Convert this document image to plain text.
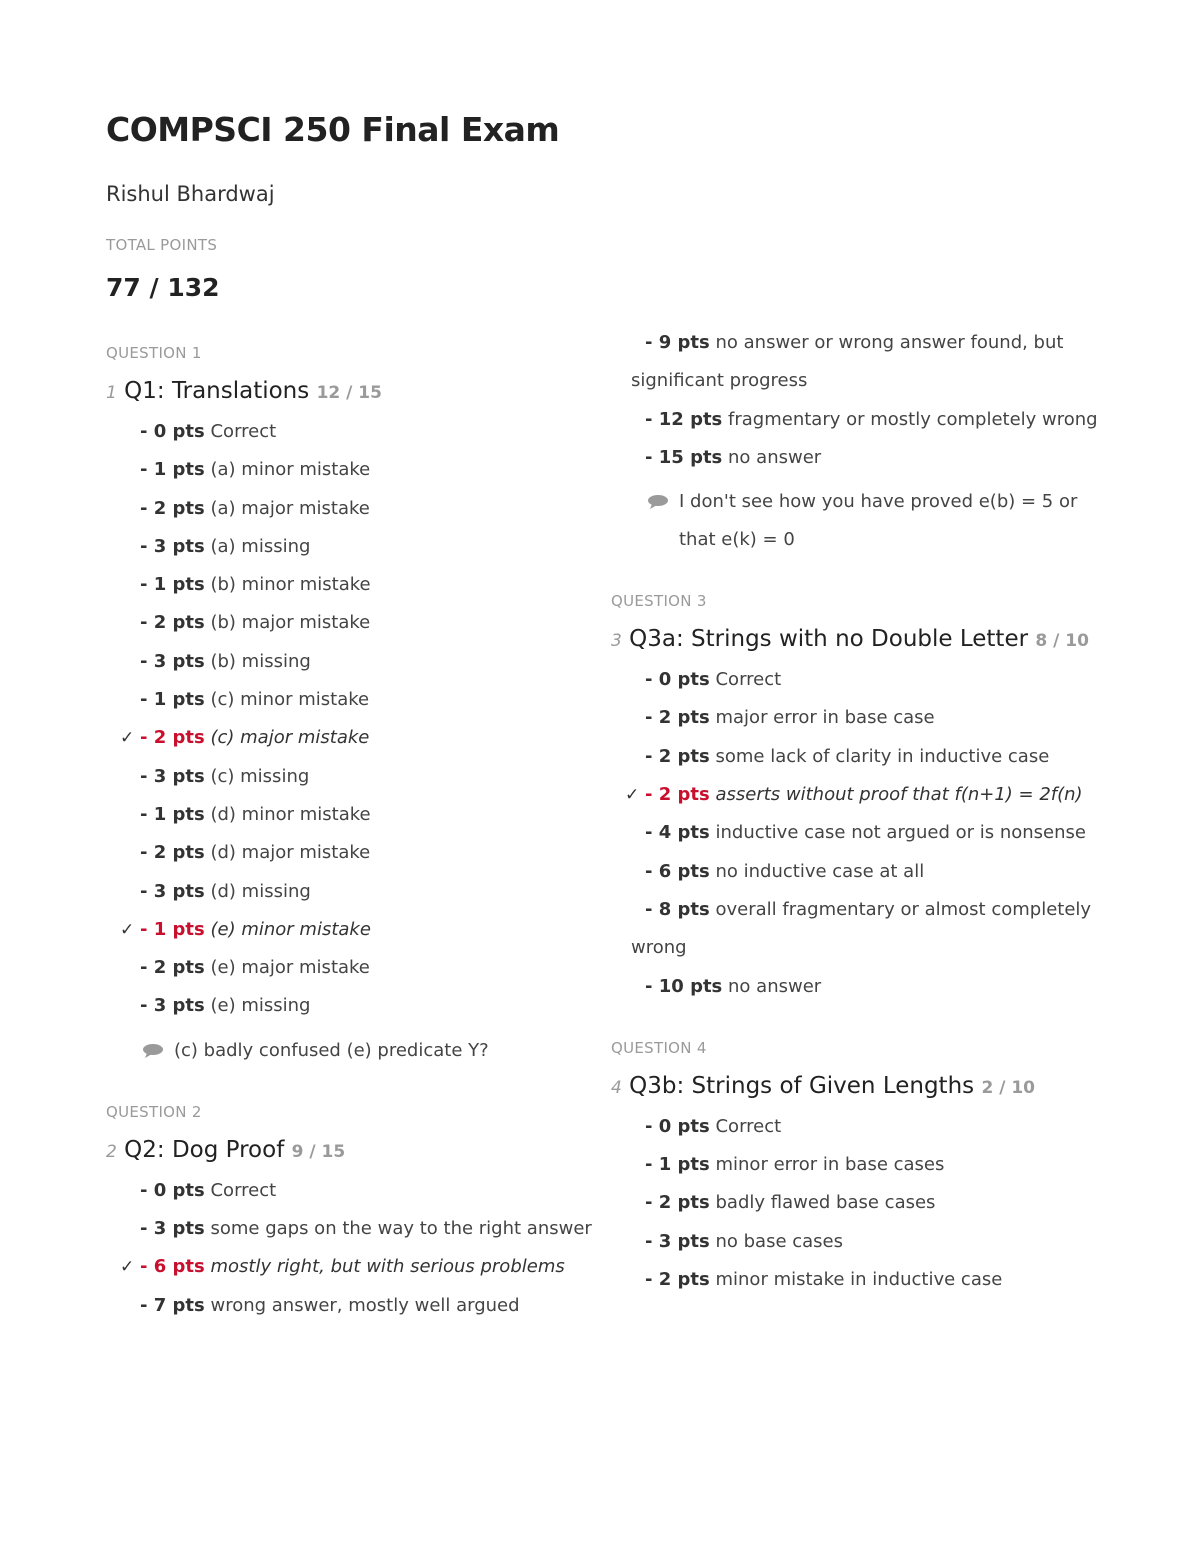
COMPSCI 250 Final Exam
Rishul Bhardwaj
TOTAL POINTS
77 / 132
QUESTION 1
1 Q1: Translations 12 / 15
- 0 pts Correct
- 1 pts (a) minor mistake
- 2 pts (a) major mistake
- 3 pts (a) missing
- 1 pts (b) minor mistake
- 2 pts (b) major mistake
- 3 pts (b) missing
- 1 pts (c) minor mistake
✓ - 2 pts (c) major mistake
- 3 pts (c) missing
- 1 pts (d) minor mistake
- 2 pts (d) major mistake
- 3 pts (d) missing
✓ - 1 pts (e) minor mistake
- 2 pts (e) major mistake
- 3 pts (e) missing
(c) badly confused (e) predicate Y?
QUESTION 2
2 Q2: Dog Proof 9 / 15
- 0 pts Correct
- 3 pts some gaps on the way to the right answer
✓ - 6 pts mostly right, but with serious problems
- 7 pts wrong answer, mostly well argued
- 9 pts no answer or wrong answer found, but significant progress
- 12 pts fragmentary or mostly completely wrong
- 15 pts no answer
I don't see how you have proved e(b) = 5 or that e(k) = 0
QUESTION 3
3 Q3a: Strings with no Double Letter 8 / 10
- 0 pts Correct
- 2 pts major error in base case
- 2 pts some lack of clarity in inductive case
✓ - 2 pts asserts without proof that f(n+1) = 2f(n)
- 4 pts inductive case not argued or is nonsense
- 6 pts no inductive case at all
- 8 pts overall fragmentary or almost completely wrong
- 10 pts no answer
QUESTION 4
4 Q3b: Strings of Given Lengths 2 / 10
- 0 pts Correct
- 1 pts minor error in base cases
- 2 pts badly flawed base cases
- 3 pts no base cases
- 2 pts minor mistake in inductive case
